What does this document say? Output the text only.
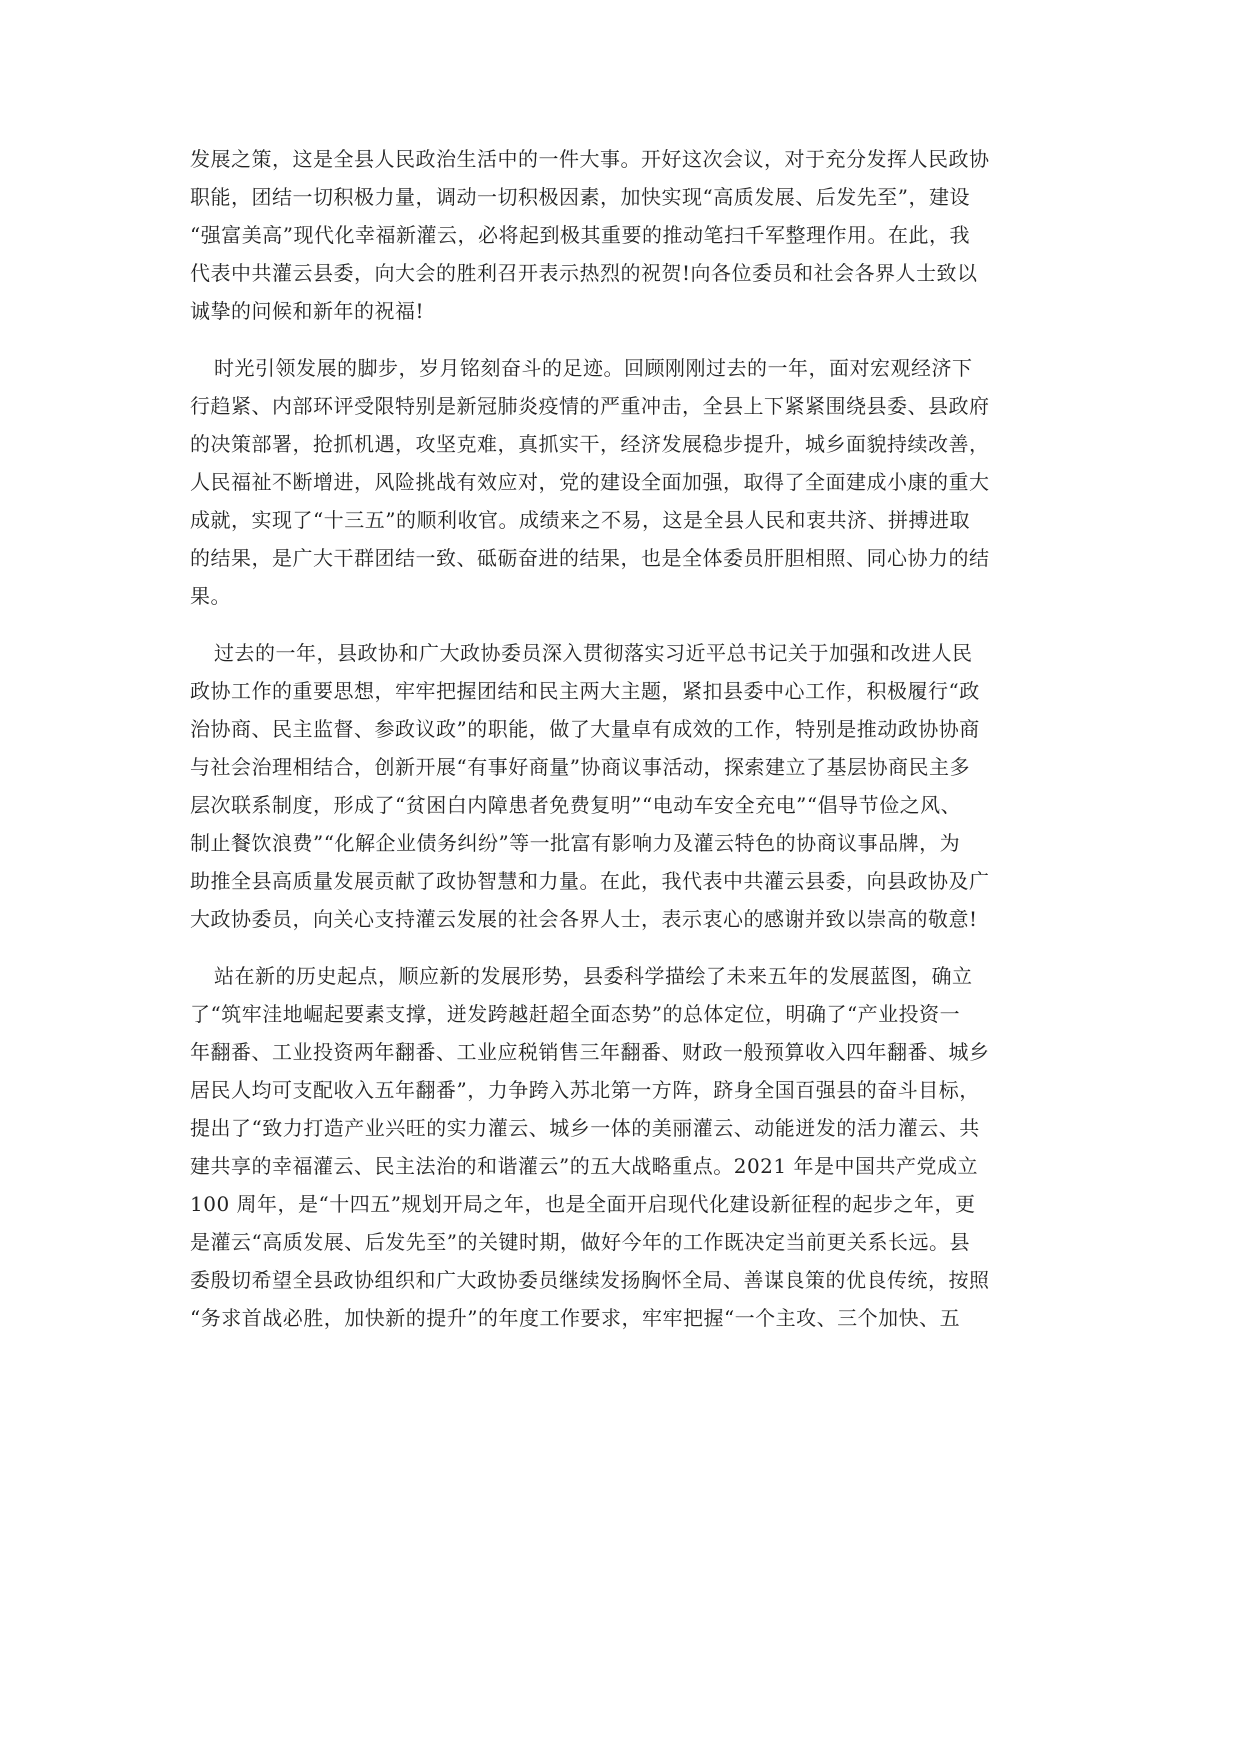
发展之策，这是全县人民政治生活中的一件大事。开好这次会议，对于充分发挥人民政协
职能，团结一切积极力量，调动一切积极因素，加快实现“高质发展、后发先至”，建设
“强富美高”现代化幸福新灌云，必将起到极其重要的推动笔扫千军整理作用。在此，我
代表中共灌云县委，向大会的胜利召开表示热烈的祝贺!向各位委员和社会各界人士致以
诚挚的问候和新年的祝福!
时光引领发展的脚步，岁月铭刻奋斗的足迹。回顾刚刚过去的一年，面对宏观经济下
行趋紧、内部环评受限特别是新冠肺炎疫情的严重冲击，全县上下紧紧围绕县委、县政府
的决策部署，抢抓机遇，攻坚克难，真抓实干，经济发展稳步提升，城乡面貌持续改善，
人民福祉不断增进，风险挑战有效应对，党的建设全面加强，取得了全面建成小康的重大
成就，实现了“十三五”的顺利收官。成绩来之不易，这是全县人民和衷共济、拼搏进取
的结果，是广大干群团结一致、砥砺奋进的结果，也是全体委员肝胆相照、同心协力的结
果。
过去的一年，县政协和广大政协委员深入贯彻落实习近平总书记关于加强和改进人民
政协工作的重要思想，牢牢把握团结和民主两大主题，紧扣县委中心工作，积极履行“政
治协商、民主监督、参政议政”的职能，做了大量卓有成效的工作，特别是推动政协协商
与社会治理相结合，创新开展“有事好商量”协商议事活动，探索建立了基层协商民主多
层次联系制度，形成了“贫困白内障患者免费复明”“电动车安全充电”“倡导节俭之风、
制止餐饮浪费”“化解企业债务纠纷”等一批富有影响力及灌云特色的协商议事品牌，为
助推全县高质量发展贡献了政协智慧和力量。在此，我代表中共灌云县委，向县政协及广
大政协委员，向关心支持灌云发展的社会各界人士，表示衷心的感谢并致以崇高的敬意!
站在新的历史起点，顺应新的发展形势，县委科学描绘了未来五年的发展蓝图，确立
了“筑牢洼地崛起要素支撑，迸发跨越赶超全面态势”的总体定位，明确了“产业投资一
年翻番、工业投资两年翻番、工业应税销售三年翻番、财政一般预算收入四年翻番、城乡
居民人均可支配收入五年翻番”，力争跨入苏北第一方阵，跻身全国百强县的奋斗目标，
提出了“致力打造产业兴旺的实力灌云、城乡一体的美丽灌云、动能迸发的活力灌云、共
建共享的幸福灌云、民主法治的和谐灌云”的五大战略重点。2021 年是中国共产党成立
100 周年，是“十四五”规划开局之年，也是全面开启现代化建设新征程的起步之年，更
是灌云“高质发展、后发先至”的关键时期，做好今年的工作既决定当前更关系长远。县
委殷切希望全县政协组织和广大政协委员继续发扬胸怀全局、善谋良策的优良传统，按照
“务求首战必胜，加快新的提升”的年度工作要求，牢牢把握“一个主攻、三个加快、五
